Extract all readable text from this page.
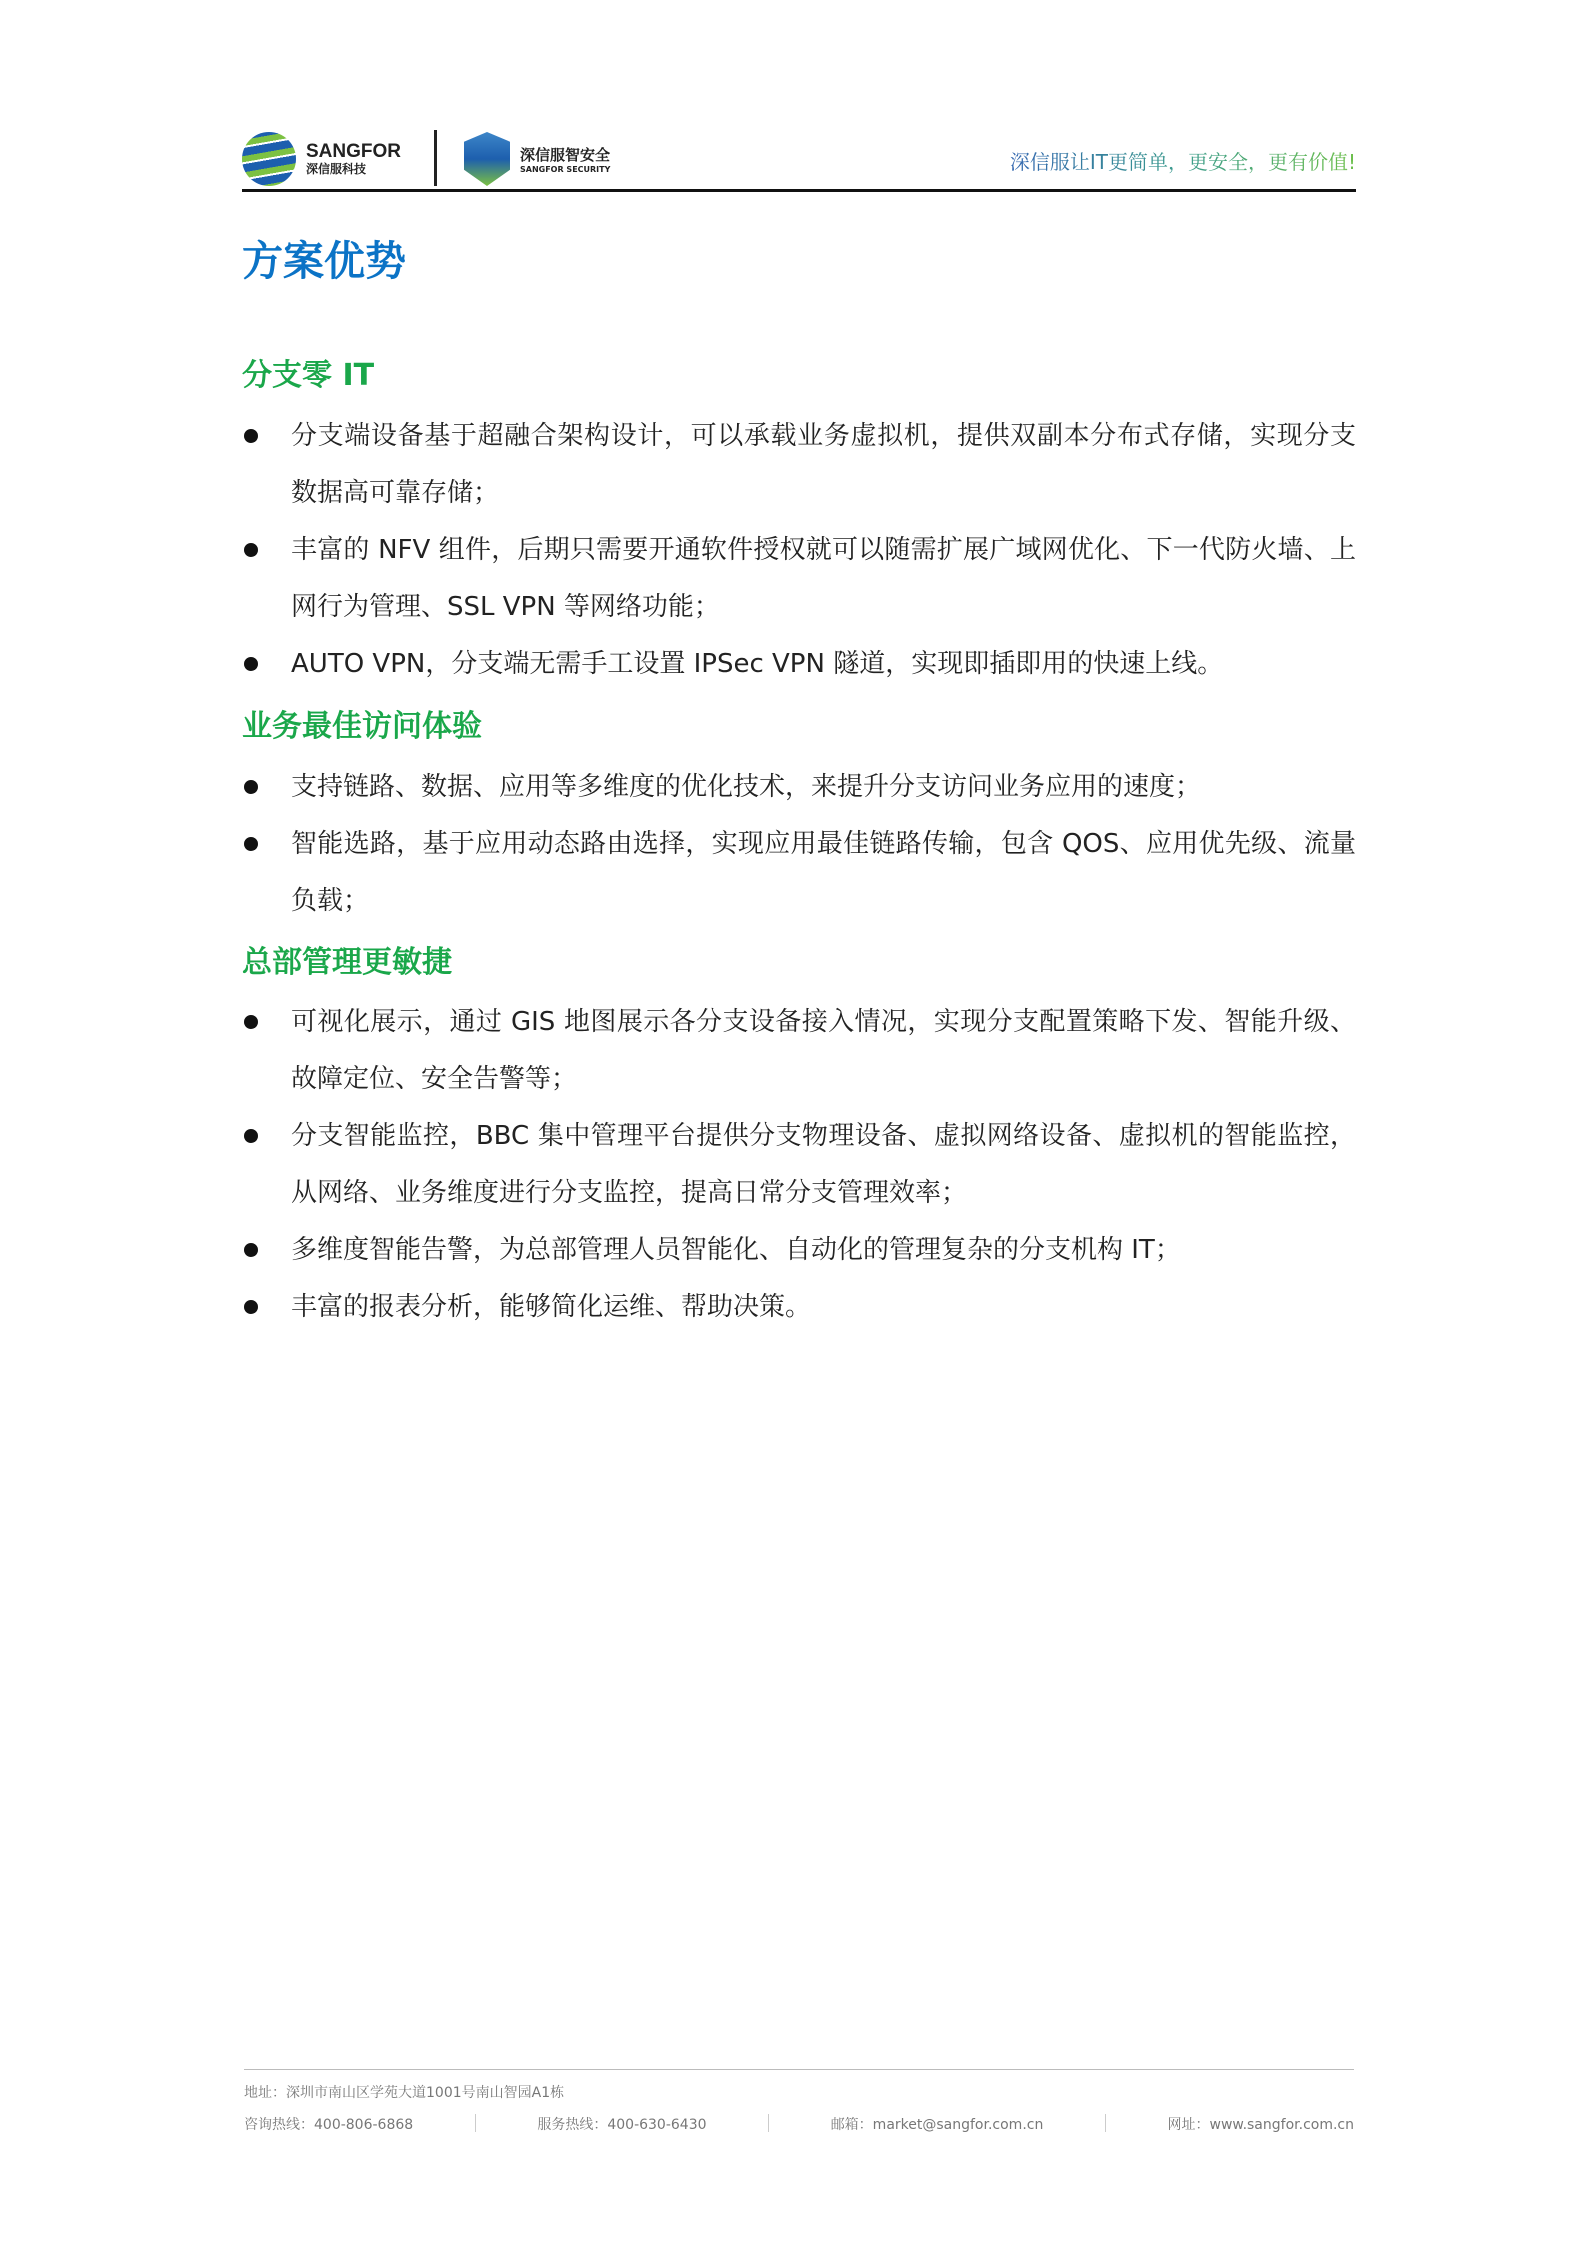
SANGFOR
深信服科技
深信服智安全
SANGFOR SECURITY	深信服让IT更简单，更安全，更有价值!
方案优势
分支零 IT
分支端设备基于超融合架构设计，可以承载业务虚拟机，提供双副本分布式存储，实现分支数据高可靠存储；
丰富的 NFV 组件，后期只需要开通软件授权就可以随需扩展广域网优化、下一代防火墙、上网行为管理、SSL VPN 等网络功能；
AUTO VPN，分支端无需手工设置 IPSec VPN 隧道，实现即插即用的快速上线。
业务最佳访问体验
支持链路、数据、应用等多维度的优化技术，来提升分支访问业务应用的速度；
智能选路，基于应用动态路由选择，实现应用最佳链路传输，包含 QOS、应用优先级、流量负载；
总部管理更敏捷
可视化展示，通过 GIS 地图展示各分支设备接入情况，实现分支配置策略下发、智能升级、故障定位、安全告警等；
分支智能监控，BBC 集中管理平台提供分支物理设备、虚拟网络设备、虚拟机的智能监控，从网络、业务维度进行分支监控，提高日常分支管理效率；
多维度智能告警，为总部管理人员智能化、自动化的管理复杂的分支机构 IT；
丰富的报表分析，能够简化运维、帮助决策。
地址：深圳市南山区学苑大道1001号南山智园A1栋
咨询热线：400-806-6868	服务热线：400-630-6430	邮箱：market@sangfor.com.cn	网址：www.sangfor.com.cn
